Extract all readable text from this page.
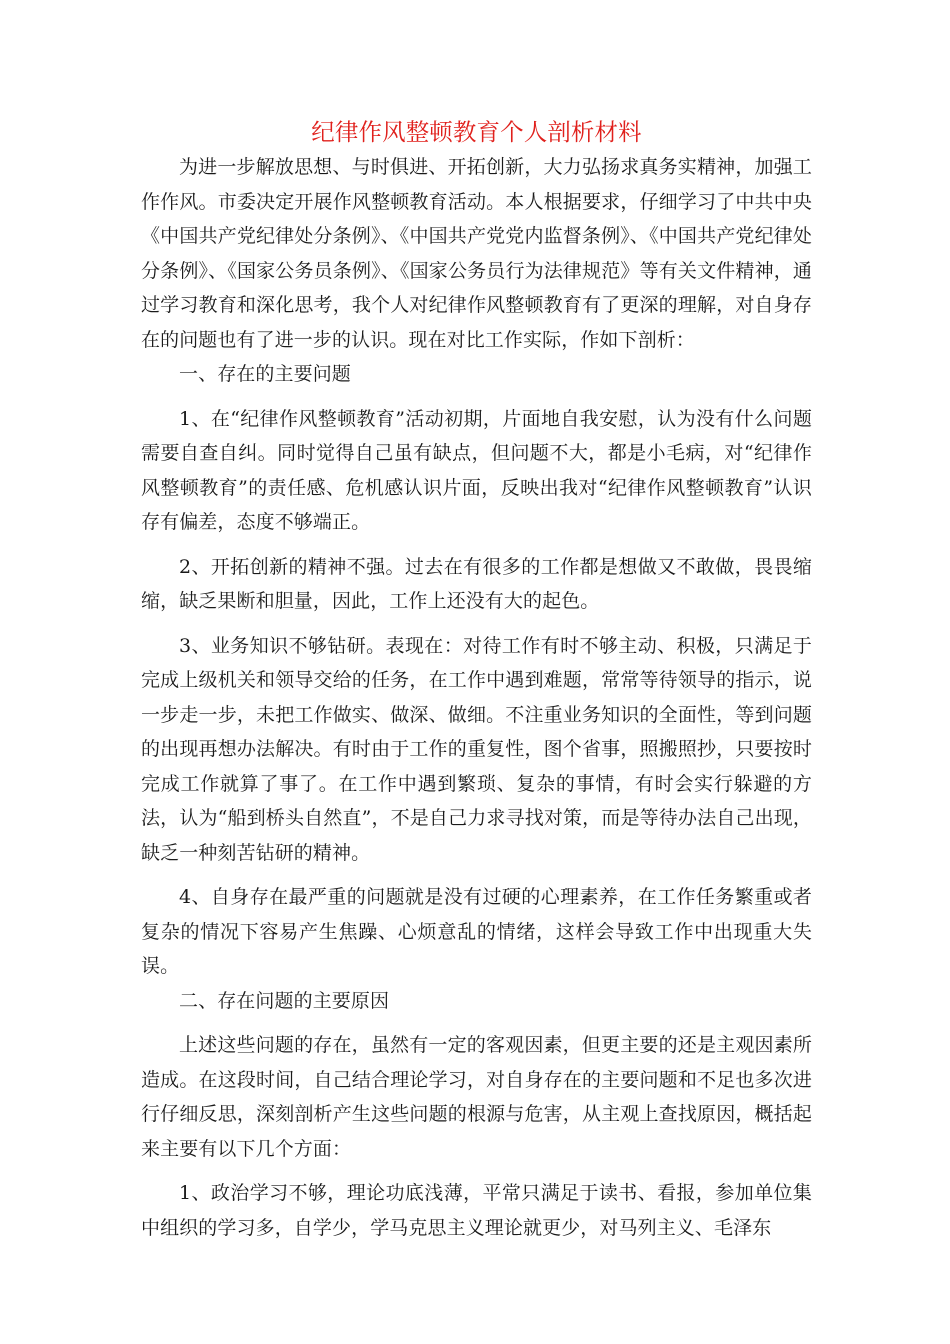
纪律作风整顿教育个人剖析材料

为进一步解放思想、与时俱进、开拓创新，大力弘扬求真务实精神，加强工作作风。市委决定开展作风整顿教育活动。本人根据要求，仔细学习了中共中央《中国共产党纪律处分条例》、《中国共产党党内监督条例》、《中国共产党纪律处分条例》、《国家公务员条例》、《国家公务员行为法律规范》等有关文件精神，通过学习教育和深化思考，我个人对纪律作风整顿教育有了更深的理解，对自身存在的问题也有了进一步的认识。现在对比工作实际，作如下剖析：

一、存在的主要问题

1、在“纪律作风整顿教育”活动初期，片面地自我安慰，认为没有什么问题需要自查自纠。同时觉得自己虽有缺点，但问题不大，都是小毛病，对“纪律作风整顿教育”的责任感、危机感认识片面，反映出我对“纪律作风整顿教育”认识存有偏差，态度不够端正。

2、开拓创新的精神不强。过去在有很多的工作都是想做又不敢做，畏畏缩缩，缺乏果断和胆量，因此，工作上还没有大的起色。

3、业务知识不够钻研。表现在：对待工作有时不够主动、积极，只满足于完成上级机关和领导交给的任务，在工作中遇到难题，常常等待领导的指示，说一步走一步，未把工作做实、做深、做细。不注重业务知识的全面性，等到问题的出现再想办法解决。有时由于工作的重复性，图个省事，照搬照抄，只要按时完成工作就算了事了。在工作中遇到繁琐、复杂的事情，有时会实行躲避的方法，认为“船到桥头自然直”，不是自己力求寻找对策，而是等待办法自己出现，缺乏一种刻苦钻研的精神。

4、自身存在最严重的问题就是没有过硬的心理素养，在工作任务繁重或者复杂的情况下容易产生焦躁、心烦意乱的情绪，这样会导致工作中出现重大失误。

二、存在问题的主要原因

上述这些问题的存在，虽然有一定的客观因素，但更主要的还是主观因素所造成。在这段时间，自己结合理论学习，对自身存在的主要问题和不足也多次进行仔细反思，深刻剖析产生这些问题的根源与危害，从主观上查找原因，概括起来主要有以下几个方面：

1、政治学习不够，理论功底浅薄，平常只满足于读书、看报，参加单位集中组织的学习多，自学少，学马克思主义理论就更少，对马列主义、毛泽东
